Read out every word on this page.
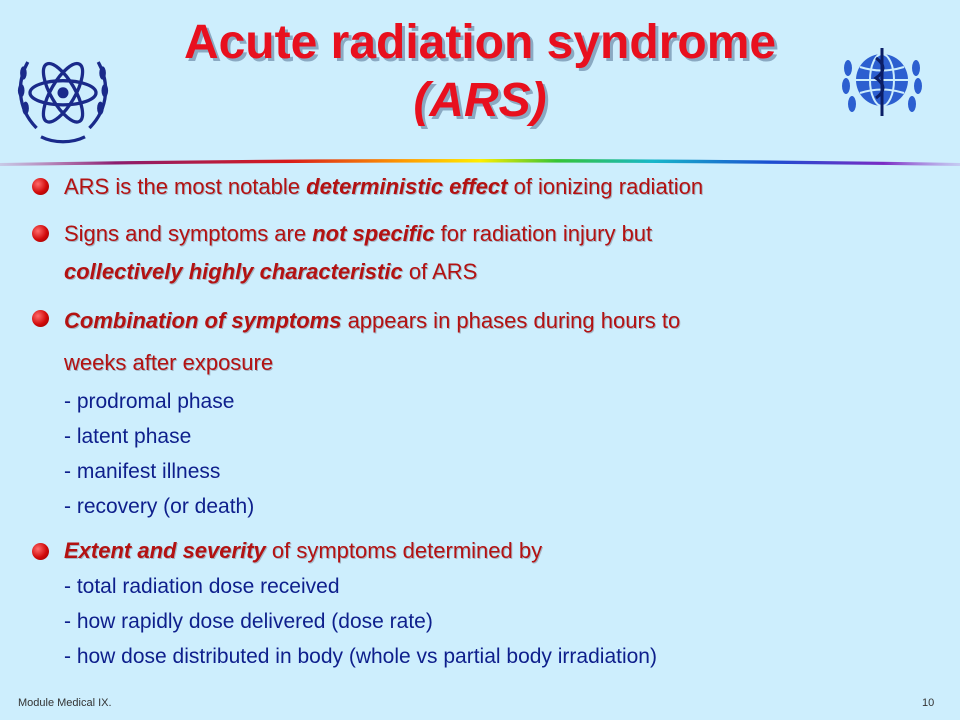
Acute radiation syndrome
(ARS)
ARS is the most notable deterministic effect of ionizing radiation
Signs and symptoms are not specific for radiation injury but
collectively highly characteristic of ARS
Combination of symptoms appears in phases during hours to
weeks after exposure
- prodromal phase
- latent phase
- manifest illness
- recovery (or death)
Extent and severity of symptoms determined by
- total radiation dose received
- how rapidly dose delivered (dose rate)
- how dose distributed in body (whole vs partial body irradiation)
Module Medical IX.	10
